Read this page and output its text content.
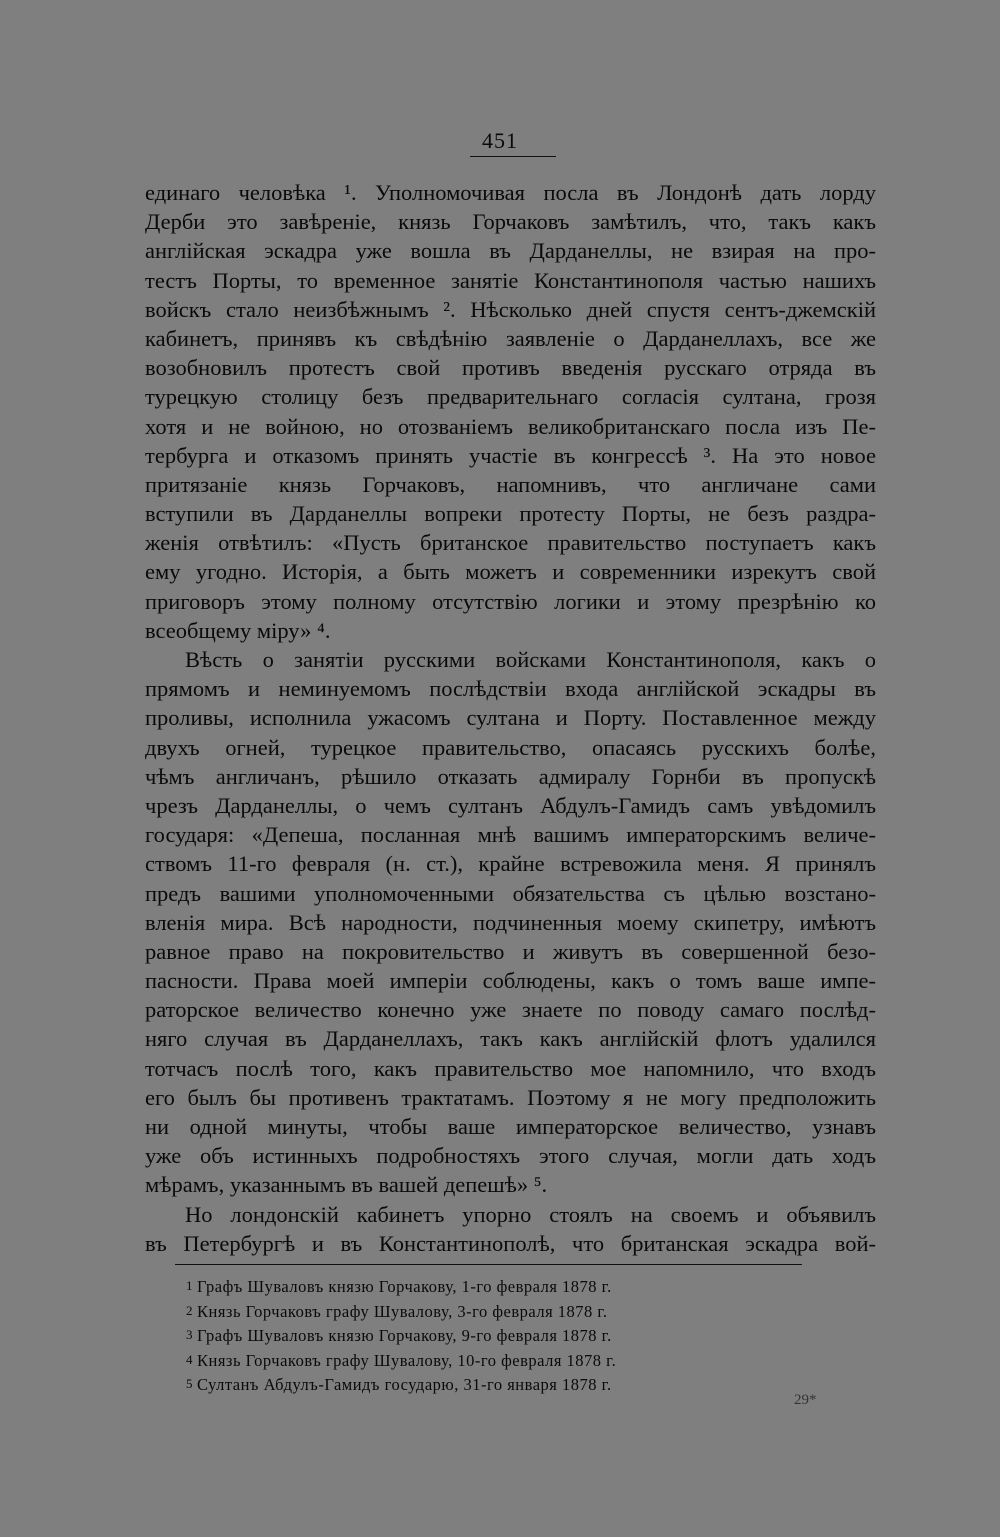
451
единаго человѣка ¹. Уполномочивая посла въ Лондонѣ дать лорду
Дерби это завѣреніе, князь Горчаковъ замѣтилъ, что, такъ какъ
англійская эскадра уже вошла въ Дарданеллы, не взирая на про-
тестъ Порты, то временное занятіе Константинополя частью нашихъ
войскъ стало неизбѣжнымъ ². Нѣсколько дней спустя сентъ-джемскій
кабинетъ, принявъ къ свѣдѣнію заявленіе о Дарданеллахъ, все же
возобновилъ протестъ свой противъ введенія русскаго отряда въ
турецкую столицу безъ предварительнаго согласія султана, грозя
хотя и не войною, но отозваніемъ великобританскаго посла изъ Пе-
тербурга и отказомъ принять участіе въ конгрессѣ ³. На это новое
притязаніе князь Горчаковъ, напомнивъ, что англичане сами
вступили въ Дарданеллы вопреки протесту Порты, не безъ раздра-
женія отвѣтилъ: «Пусть британское правительство поступаетъ какъ
ему угодно. Исторія, а быть можетъ и современники изрекутъ свой
приговоръ этому полному отсутствію логики и этому презрѣнію ко
всеобщему міру» ⁴.
Вѣсть о занятіи русскими войсками Константинополя, какъ о
прямомъ и неминуемомъ послѣдствіи входа англійской эскадры въ
проливы, исполнила ужасомъ султана и Порту. Поставленное между
двухъ огней, турецкое правительство, опасаясь русскихъ болѣе,
чѣмъ англичанъ, рѣшило отказать адмиралу Горнби въ пропускѣ
чрезъ Дарданеллы, о чемъ султанъ Абдулъ-Гамидъ самъ увѣдомилъ
государя: «Депеша, посланная мнѣ вашимъ императорскимъ величе-
ствомъ 11-го февраля (н. ст.), крайне встревожила меня. Я принялъ
предъ вашими уполномоченными обязательства съ цѣлью возстано-
вленія мира. Всѣ народности, подчиненныя моему скипетру, имѣютъ
равное право на покровительство и живутъ въ совершенной безо-
пасности. Права моей имперіи соблюдены, какъ о томъ ваше импе-
раторское величество конечно уже знаете по поводу самаго послѣд-
няго случая въ Дарданеллахъ, такъ какъ англійскій флотъ удалился
тотчасъ послѣ того, какъ правительство мое напомнило, что входъ
его былъ бы противенъ трактатамъ. Поэтому я не могу предположить
ни одной минуты, чтобы ваше императорское величество, узнавъ
уже объ истинныхъ подробностяхъ этого случая, могли дать ходъ
мѣрамъ, указаннымъ въ вашей депешѣ» ⁵.
Но лондонскій кабинетъ упорно стоялъ на своемъ и объявилъ
въ Петербургѣ и въ Константинополѣ, что британская эскадра вой-
1 Графъ Шуваловъ князю Горчакову, 1-го февраля 1878 г.
2 Князь Горчаковъ графу Шувалову, 3-го февраля 1878 г.
3 Графъ Шуваловъ князю Горчакову, 9-го февраля 1878 г.
4 Князь Горчаковъ графу Шувалову, 10-го февраля 1878 г.
5 Султанъ Абдулъ-Гамидъ государю, 31-го января 1878 г.
29*
